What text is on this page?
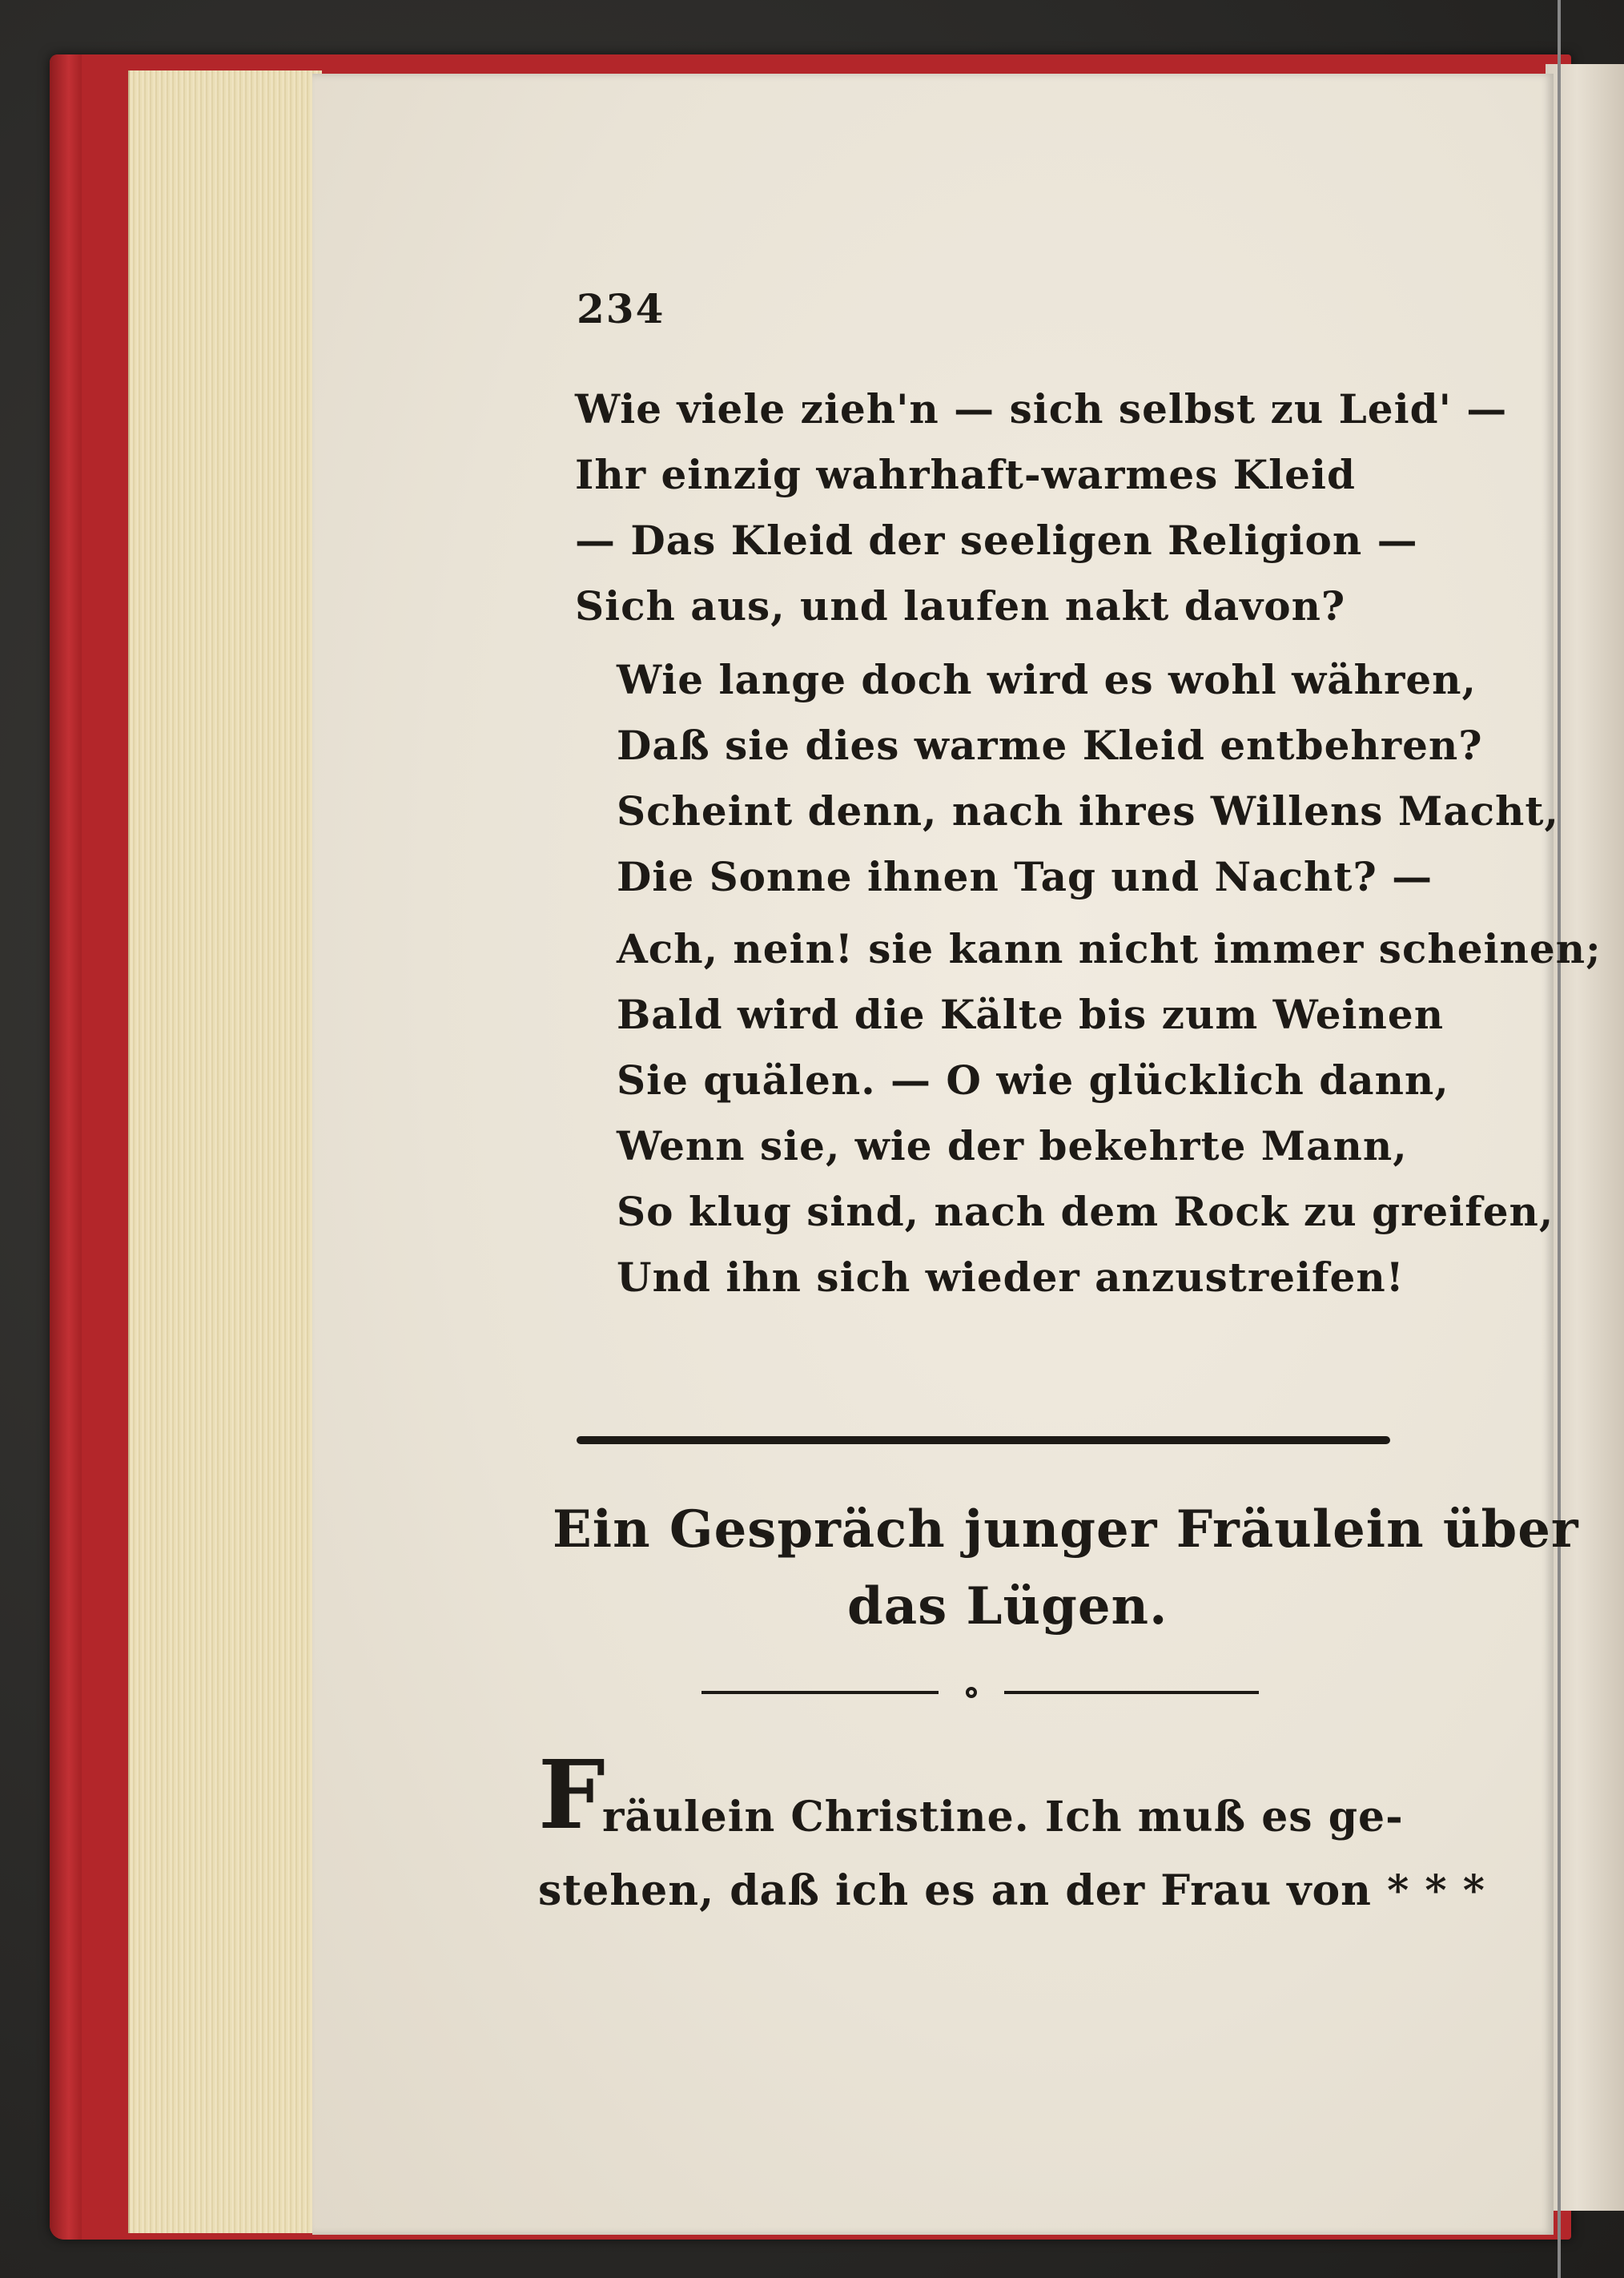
234
Wie viele zieh'n — sich selbst zu Leid' —
Ihr einzig wahrhaft-warmes Kleid
— Das Kleid der seeligen Religion —
Sich aus, und laufen nakt davon?
Wie lange doch wird es wohl währen,
Daß sie dies warme Kleid entbehren?
Scheint denn, nach ihres Willens Macht,
Die Sonne ihnen Tag und Nacht? —
Ach, nein! sie kann nicht immer scheinen;
Bald wird die Kälte bis zum Weinen
Sie quälen. — O wie glücklich dann,
Wenn sie, wie der bekehrte Mann,
So klug sind, nach dem Rock zu greifen,
Und ihn sich wieder anzustreifen!
Ein Gespräch junger Fräulein über
das Lügen.
F
räulein Christine. Ich muß es ge-
stehen, daß ich es an der Frau von * * *
